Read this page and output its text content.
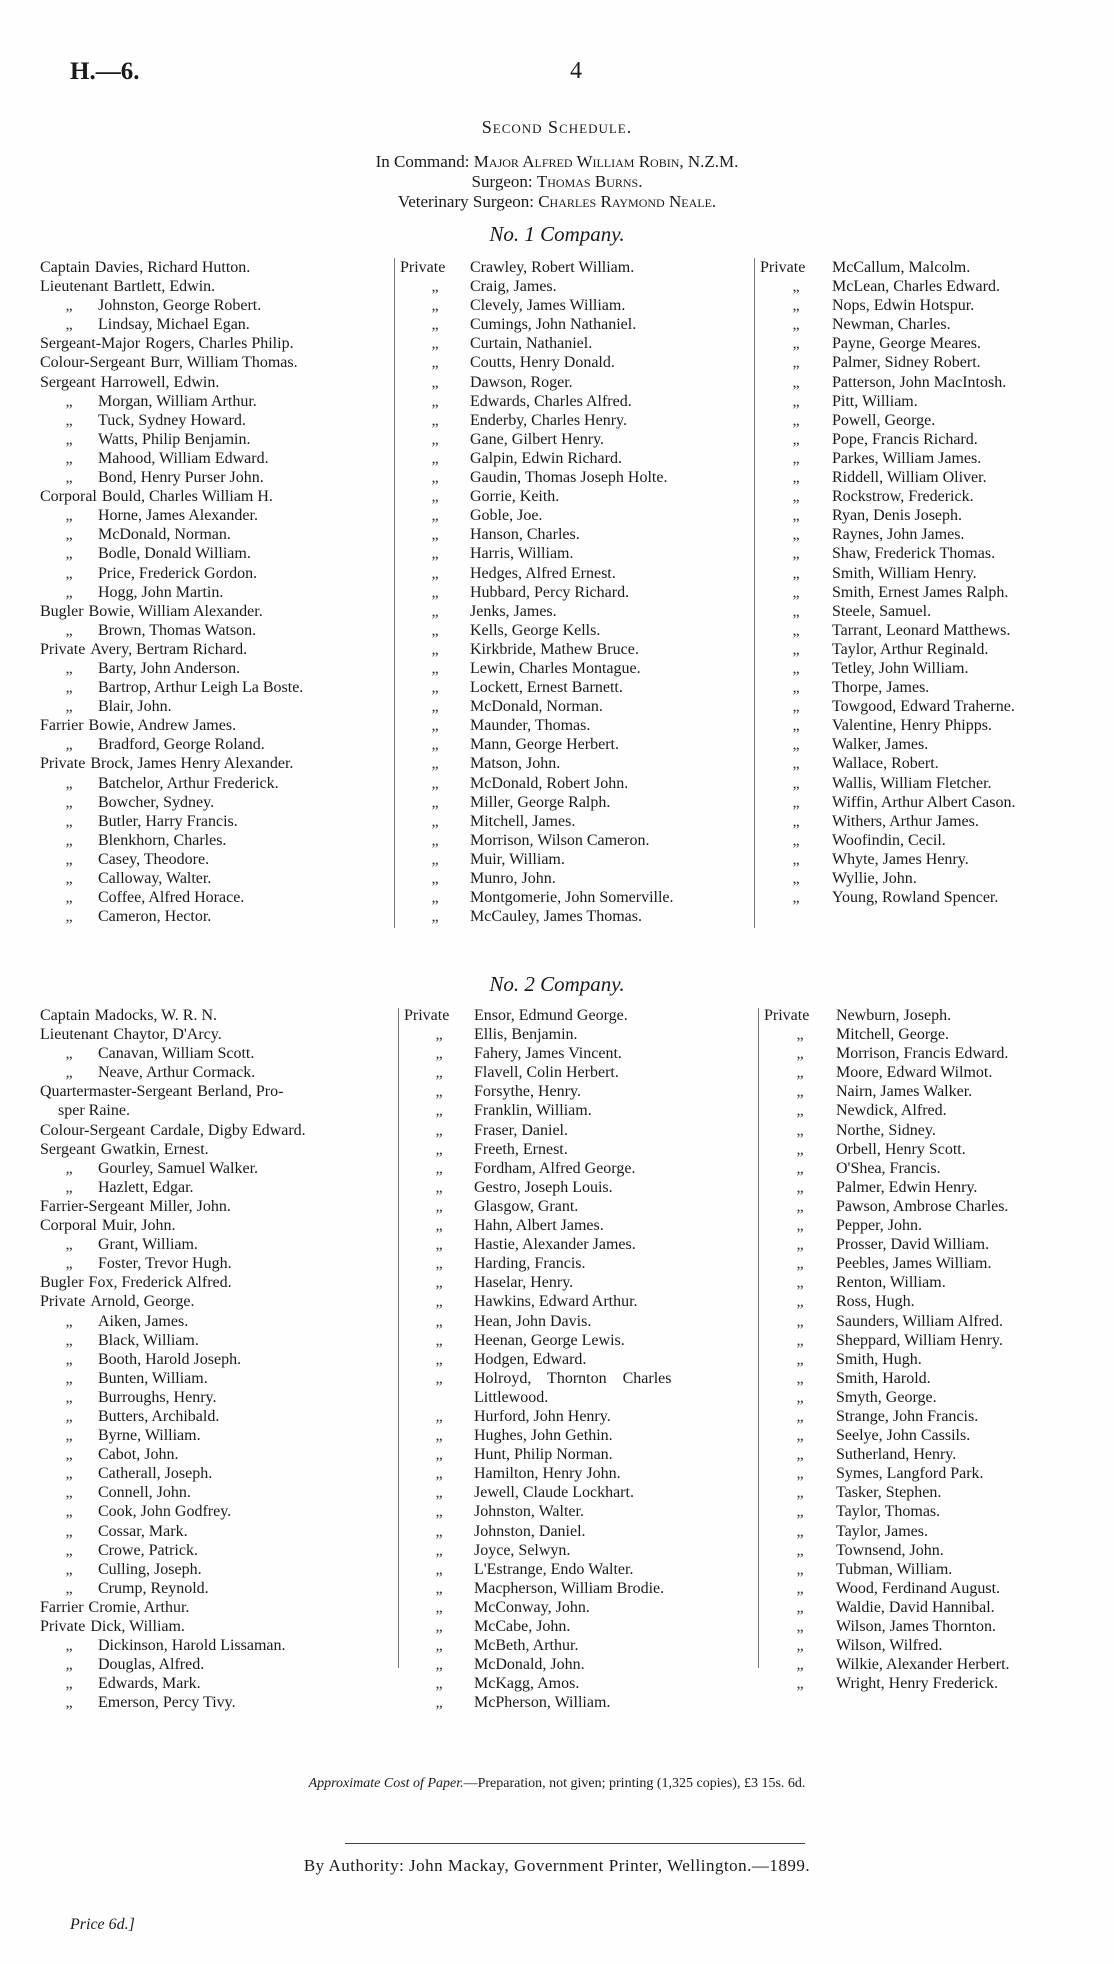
H.—6.	4
Second Schedule.
In Command: Major Alfred William Robin, N.Z.M.
Surgeon: Thomas Burns.
Veterinary Surgeon: Charles Raymond Neale.
No. 1 Company.
No. 2 Company.
Captain Davies, Richard Hutton.
Lieutenant Bartlett, Edwin.
„	Johnston, George Robert.
„	Lindsay, Michael Egan.
Sergeant-Major Rogers, Charles Philip.
Colour-Sergeant Burr, William Thomas.
Sergeant Harrowell, Edwin.
„	Morgan, William Arthur.
„	Tuck, Sydney Howard.
„	Watts, Philip Benjamin.
„	Mahood, William Edward.
„	Bond, Henry Purser John.
Corporal Bould, Charles William H.
„	Horne, James Alexander.
„	McDonald, Norman.
„	Bodle, Donald William.
„	Price, Frederick Gordon.
„	Hogg, John Martin.
Bugler Bowie, William Alexander.
„	Brown, Thomas Watson.
Private Avery, Bertram Richard.
„	Barty, John Anderson.
„	Bartrop, Arthur Leigh La Boste.
„	Blair, John.
Farrier Bowie, Andrew James.
„	Bradford, George Roland.
Private Brock, James Henry Alexander.
„	Batchelor, Arthur Frederick.
„	Bowcher, Sydney.
„	Butler, Harry Francis.
„	Blenkhorn, Charles.
„	Casey, Theodore.
„	Calloway, Walter.
„	Coffee, Alfred Horace.
„	Cameron, Hector.
Private	Crawley, Robert William.
„	Craig, James.
„	Clevely, James William.
„	Cumings, John Nathaniel.
„	Curtain, Nathaniel.
„	Coutts, Henry Donald.
„	Dawson, Roger.
„	Edwards, Charles Alfred.
„	Enderby, Charles Henry.
„	Gane, Gilbert Henry.
„	Galpin, Edwin Richard.
„	Gaudin, Thomas Joseph Holte.
„	Gorrie, Keith.
„	Goble, Joe.
„	Hanson, Charles.
„	Harris, William.
„	Hedges, Alfred Ernest.
„	Hubbard, Percy Richard.
„	Jenks, James.
„	Kells, George Kells.
„	Kirkbride, Mathew Bruce.
„	Lewin, Charles Montague.
„	Lockett, Ernest Barnett.
„	McDonald, Norman.
„	Maunder, Thomas.
„	Mann, George Herbert.
„	Matson, John.
„	McDonald, Robert John.
„	Miller, George Ralph.
„	Mitchell, James.
„	Morrison, Wilson Cameron.
„	Muir, William.
„	Munro, John.
„	Montgomerie, John Somerville.
„	McCauley, James Thomas.
Private	McCallum, Malcolm.
„	McLean, Charles Edward.
„	Nops, Edwin Hotspur.
„	Newman, Charles.
„	Payne, George Meares.
„	Palmer, Sidney Robert.
„	Patterson, John MacIntosh.
„	Pitt, William.
„	Powell, George.
„	Pope, Francis Richard.
„	Parkes, William James.
„	Riddell, William Oliver.
„	Rockstrow, Frederick.
„	Ryan, Denis Joseph.
„	Raynes, John James.
„	Shaw, Frederick Thomas.
„	Smith, William Henry.
„	Smith, Ernest James Ralph.
„	Steele, Samuel.
„	Tarrant, Leonard Matthews.
„	Taylor, Arthur Reginald.
„	Tetley, John William.
„	Thorpe, James.
„	Towgood, Edward Traherne.
„	Valentine, Henry Phipps.
„	Walker, James.
„	Wallace, Robert.
„	Wallis, William Fletcher.
„	Wiffin, Arthur Albert Cason.
„	Withers, Arthur James.
„	Woofindin, Cecil.
„	Whyte, James Henry.
„	Wyllie, John.
„	Young, Rowland Spencer.
Captain Madocks, W. R. N.
Lieutenant Chaytor, D'Arcy.
„	Canavan, William Scott.
„	Neave, Arthur Cormack.
Quartermaster-Sergeant Berland, Pro-
sper Raine.
Colour-Sergeant Cardale, Digby Edward.
Sergeant Gwatkin, Ernest.
„	Gourley, Samuel Walker.
„	Hazlett, Edgar.
Farrier-Sergeant Miller, John.
Corporal Muir, John.
„	Grant, William.
„	Foster, Trevor Hugh.
Bugler Fox, Frederick Alfred.
Private Arnold, George.
„	Aiken, James.
„	Black, William.
„	Booth, Harold Joseph.
„	Bunten, William.
„	Burroughs, Henry.
„	Butters, Archibald.
„	Byrne, William.
„	Cabot, John.
„	Catherall, Joseph.
„	Connell, John.
„	Cook, John Godfrey.
„	Cossar, Mark.
„	Crowe, Patrick.
„	Culling, Joseph.
„	Crump, Reynold.
Farrier Cromie, Arthur.
Private Dick, William.
„	Dickinson, Harold Lissaman.
„	Douglas, Alfred.
„	Edwards, Mark.
„	Emerson, Percy Tivy.
Private	Ensor, Edmund George.
„	Ellis, Benjamin.
„	Fahery, James Vincent.
„	Flavell, Colin Herbert.
„	Forsythe, Henry.
„	Franklin, William.
„	Fraser, Daniel.
„	Freeth, Ernest.
„	Fordham, Alfred George.
„	Gestro, Joseph Louis.
„	Glasgow, Grant.
„	Hahn, Albert James.
„	Hastie, Alexander James.
„	Harding, Francis.
„	Haselar, Henry.
„	Hawkins, Edward Arthur.
„	Hean, John Davis.
„	Heenan, George Lewis.
„	Hodgen, Edward.
„	Holroyd,    Thornton    Charles
Littlewood.
„	Hurford, John Henry.
„	Hughes, John Gethin.
„	Hunt, Philip Norman.
„	Hamilton, Henry John.
„	Jewell, Claude Lockhart.
„	Johnston, Walter.
„	Johnston, Daniel.
„	Joyce, Selwyn.
„	L'Estrange, Endo Walter.
„	Macpherson, William Brodie.
„	McConway, John.
„	McCabe, John.
„	McBeth, Arthur.
„	McDonald, John.
„	McKagg, Amos.
„	McPherson, William.
Private	Newburn, Joseph.
„	Mitchell, George.
„	Morrison, Francis Edward.
„	Moore, Edward Wilmot.
„	Nairn, James Walker.
„	Newdick, Alfred.
„	Northe, Sidney.
„	Orbell, Henry Scott.
„	O'Shea, Francis.
„	Palmer, Edwin Henry.
„	Pawson, Ambrose Charles.
„	Pepper, John.
„	Prosser, David William.
„	Peebles, James William.
„	Renton, William.
„	Ross, Hugh.
„	Saunders, William Alfred.
„	Sheppard, William Henry.
„	Smith, Hugh.
„	Smith, Harold.
„	Smyth, George.
„	Strange, John Francis.
„	Seelye, John Cassils.
„	Sutherland, Henry.
„	Symes, Langford Park.
„	Tasker, Stephen.
„	Taylor, Thomas.
„	Taylor, James.
„	Townsend, John.
„	Tubman, William.
„	Wood, Ferdinand August.
„	Waldie, David Hannibal.
„	Wilson, James Thornton.
„	Wilson, Wilfred.
„	Wilkie, Alexander Herbert.
„	Wright, Henry Frederick.
Approximate Cost of Paper.—Preparation, not given; printing (1,325 copies), £3 15s. 6d.
By Authority: John Mackay, Government Printer, Wellington.—1899.
Price 6d.]
